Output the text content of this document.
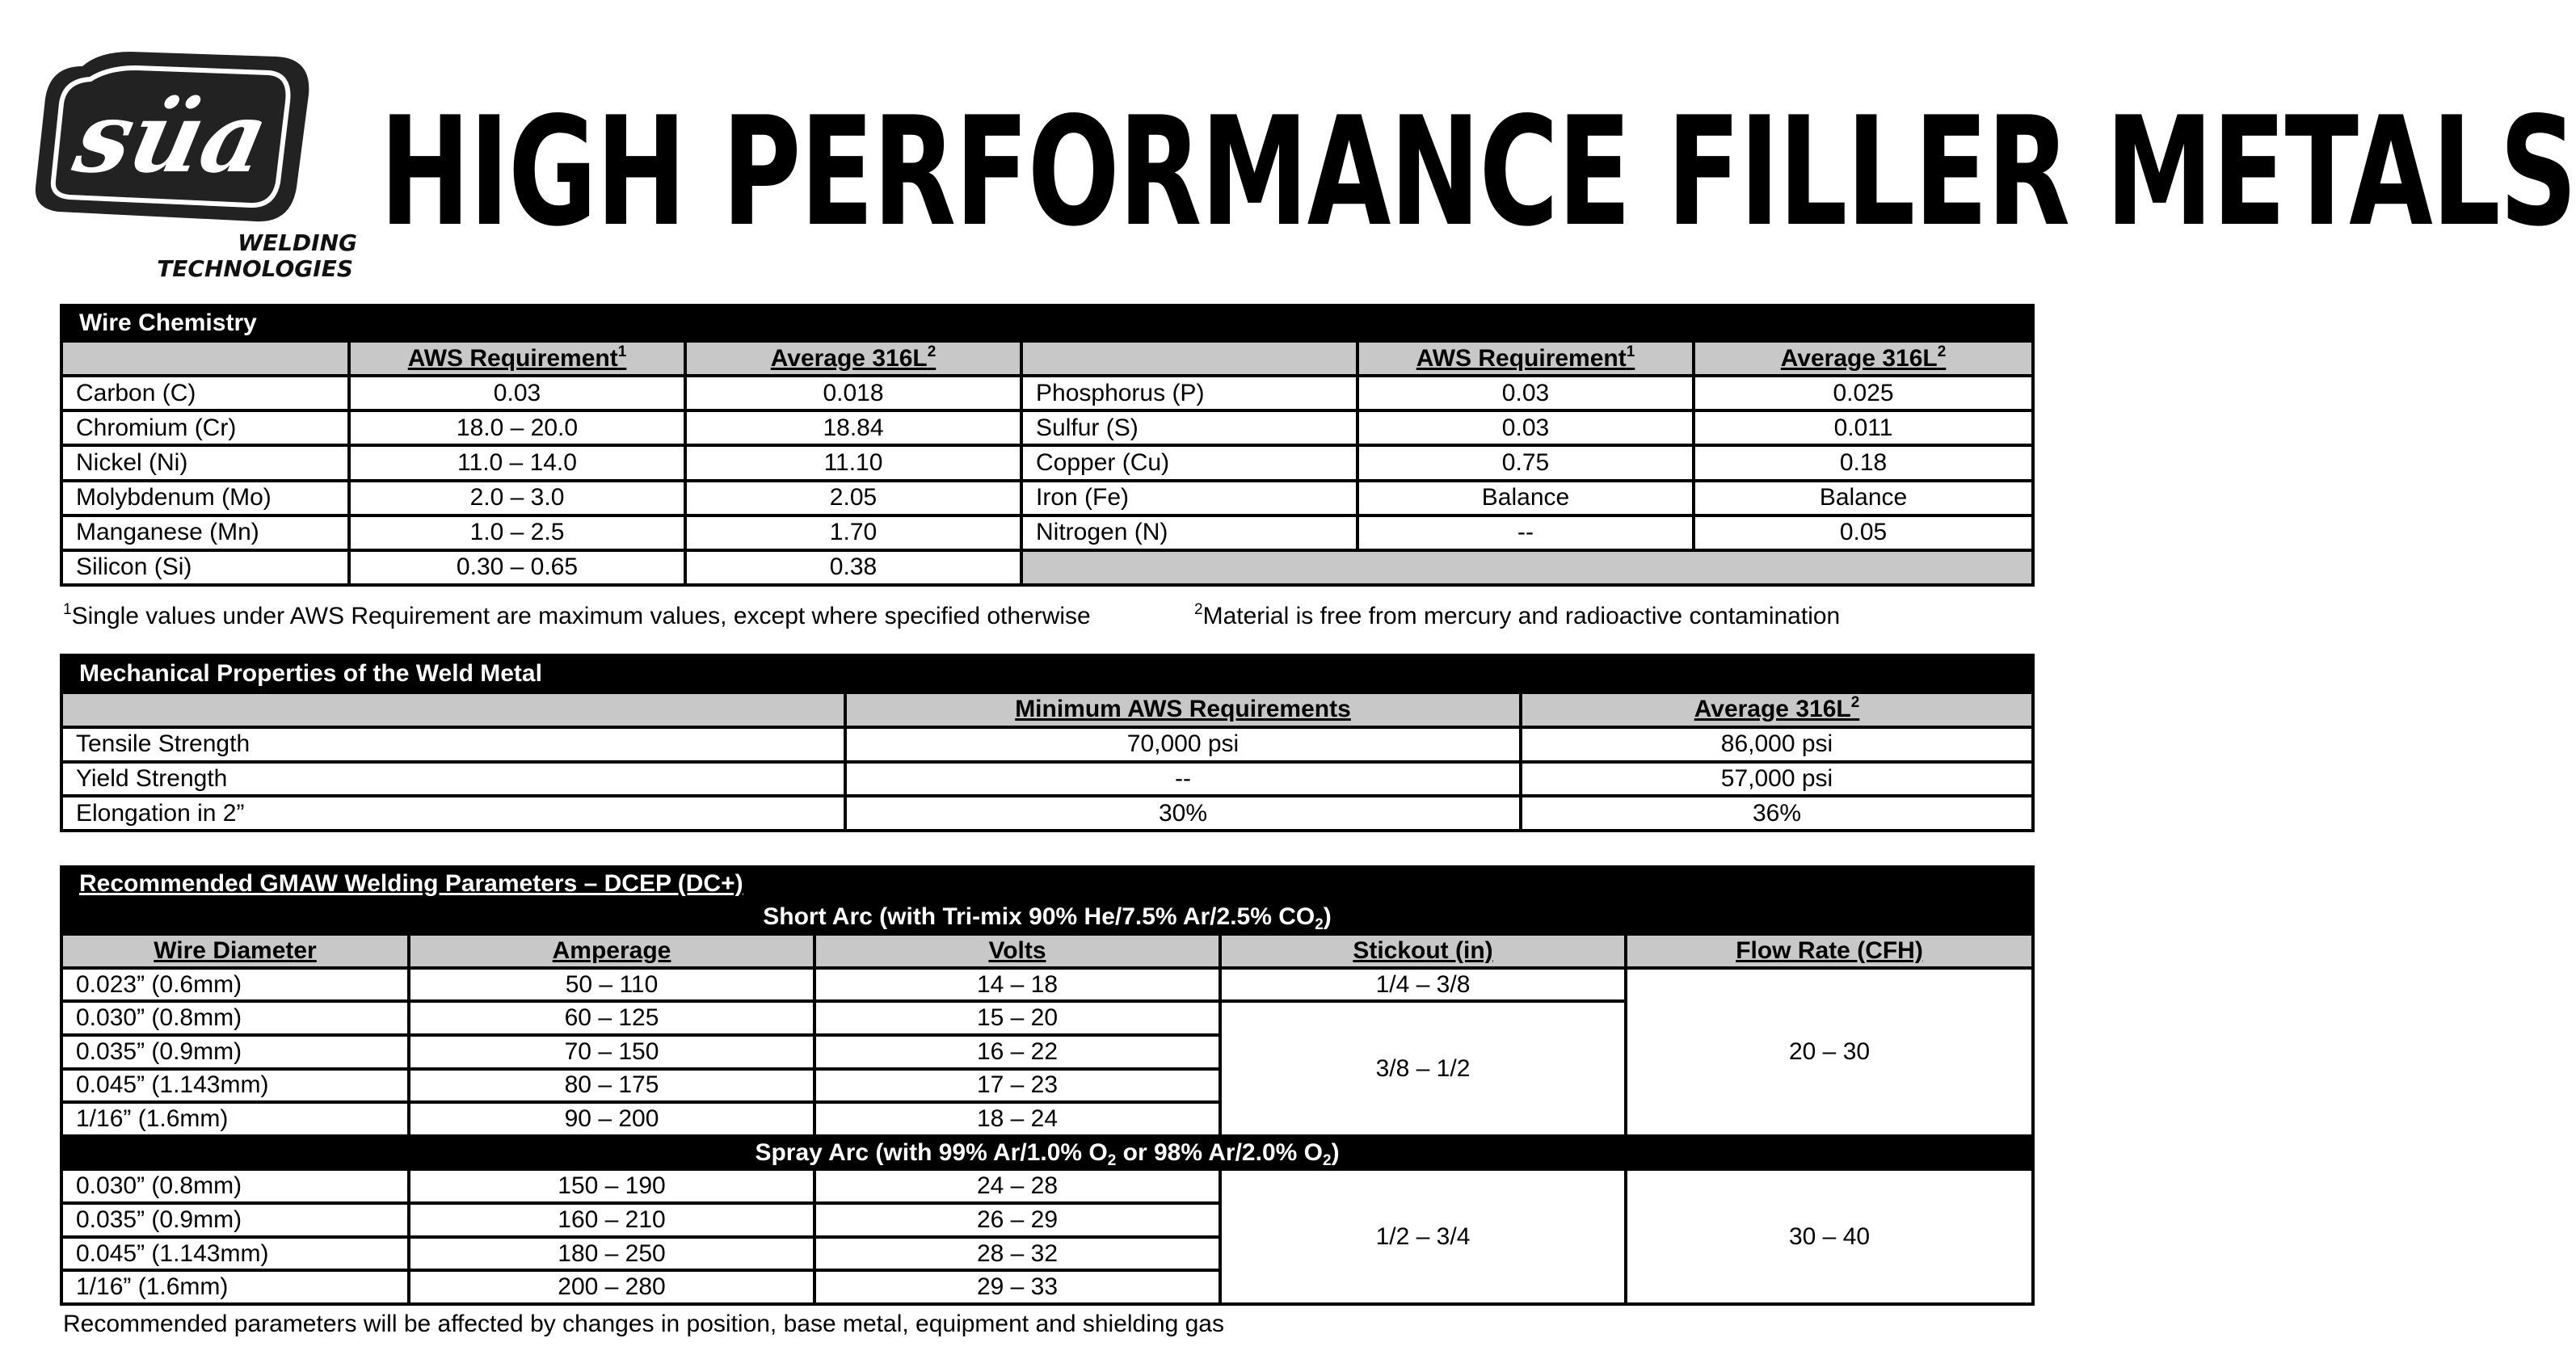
süa
WELDING
TECHNOLOGIES
HIGH PERFORMANCE FILLER METALS
Wire Chemistry					
	AWS Requirement$^1$	Average $316L^2$		AWS Requirement$^1$	Average $316L^2$
Carbon (C)	0.03	0.018	Phosphorus (P)	0.03	0.025
Chromium (Cr)	18.0 – 20.0	18.84	Sulfur (S)	0.03	0.011
Nickel (Ni)	11.0 – 14.0	11.10	Copper (Cu)	0.75	0.18
Molybdenum (Mo)	2.0 – 3.0	2.05	Iron (Fe)	Balance	Balance
Manganese (Mn)	1.0 – 2.5	1.70	Nitrogen (N)	--	0.05
Silicon (Si)	0.30 – 0.65	0.38			
$^1$Single values under AWS Requirement are maximum values, except where specified otherwise	$^2$Material is free from mercury and radioactive contamination
Mechanical Properties of the Weld Metal		
	Minimum AWS Requirements	Average $316L^2$
Tensile Strength	70,000 psi	86,000 psi
Yield Strength	--	57,000 psi
Elongation in 2”	30%	36%
Recommended GMAW Welding Parameters – DCEP (DC+)				
Short Arc (with Tri-mix 90% He/7.5% Ar/2.5% $CO_2$)				
Wire Diameter	Amperage	Volts	Stickout (in)	Flow Rate (CFH)
0.023” (0.6mm)	50 – 110	14 – 18	1/4 – 3/8	20 – 30
0.030” (0.8mm)	60 – 125	15 – 20	3/8 – 1/2	
0.035” (0.9mm)	70 – 150	16 – 22		
0.045” (1.143mm)	80 – 175	17 – 23		
1/16” (1.6mm)	90 – 200	18 – 24		
Spray Arc (with 99% Ar/1.0% $O_2$ or 98% Ar/2.0% $O_2$)				
0.030” (0.8mm)	150 – 190	24 – 28	1/2 – 3/4	30 – 40
0.035” (0.9mm)	160 – 210	26 – 29		
0.045” (1.143mm)	180 – 250	28 – 32		
1/16” (1.6mm)	200 – 280	29 – 33		
Recommended parameters will be affected by changes in position, base metal, equipment and shielding gas
